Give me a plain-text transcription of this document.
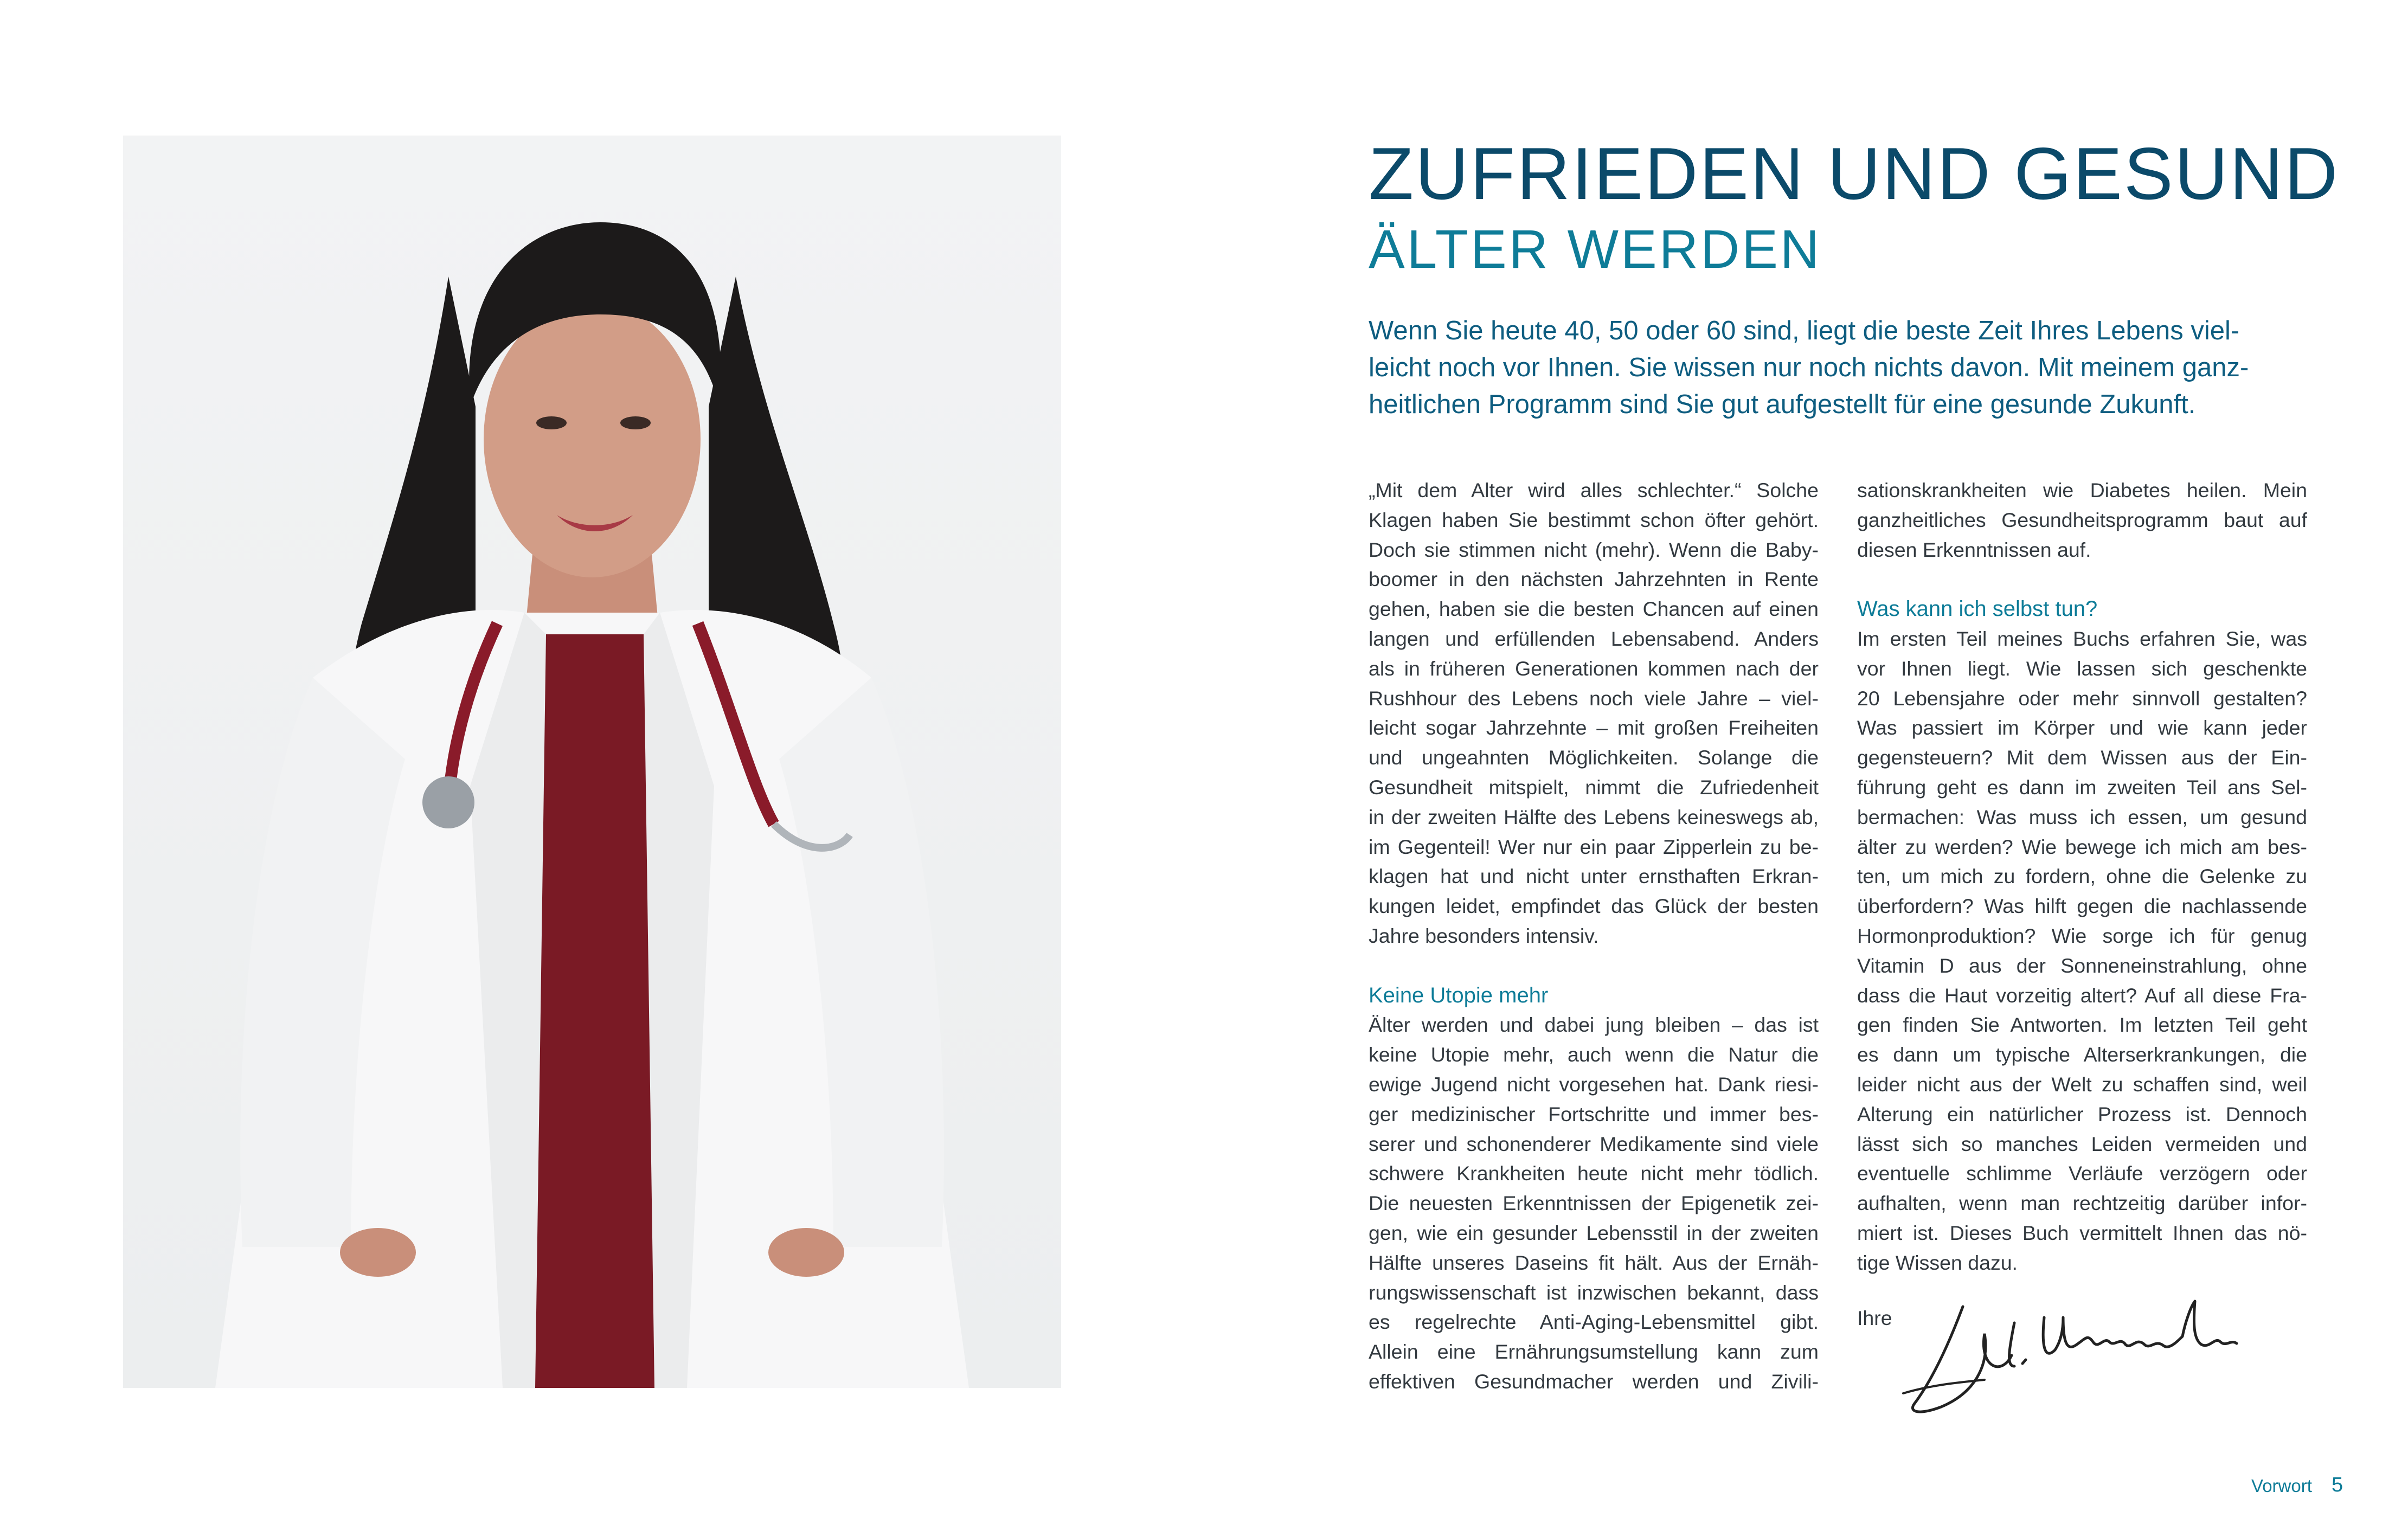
ZUFRIEDEN UND GESUND
ÄLTER WERDEN
Wenn Sie heute 40, 50 oder 60 sind, liegt die beste Zeit Ihres Lebens viel-
leicht noch vor Ihnen. Sie wissen nur noch nichts davon. Mit meinem ganz-
heitlichen Programm sind Sie gut aufgestellt für eine gesunde Zukunft.
„Mit dem Alter wird alles schlechter.“ Solche
Klagen haben Sie bestimmt schon öfter gehört.
Doch sie stimmen nicht (mehr). Wenn die Baby-
boomer in den nächsten Jahrzehnten in Rente
gehen, haben sie die besten Chancen auf einen
langen und erfüllenden Lebensabend. Anders
als in früheren Generationen kommen nach der
Rushhour des Lebens noch viele Jahre – viel-
leicht sogar Jahrzehnte – mit großen Freiheiten
und ungeahnten Möglichkeiten. Solange die
Gesundheit mitspielt, nimmt die Zufriedenheit
in der zweiten Hälfte des Lebens keineswegs ab,
im Gegenteil! Wer nur ein paar Zipperlein zu be-
klagen hat und nicht unter ernsthaften Erkran-
kungen leidet, empfindet das Glück der besten
Jahre besonders intensiv.
Keine Utopie mehr
Älter werden und dabei jung bleiben – das ist
keine Utopie mehr, auch wenn die Natur die
ewige Jugend nicht vorgesehen hat. Dank riesi-
ger medizinischer Fortschritte und immer bes-
serer und schonenderer Medikamente sind viele
schwere Krankheiten heute nicht mehr tödlich.
Die neuesten Erkenntnissen der Epigenetik zei-
gen, wie ein gesunder Lebensstil in der zweiten
Hälfte unseres Daseins fit hält. Aus der Ernäh-
rungswissenschaft ist inzwischen bekannt, dass
es regelrechte Anti-Aging-Lebensmittel gibt.
Allein eine Ernährungsumstellung kann zum
effektiven Gesundmacher werden und Zivili-
sationskrankheiten wie Diabetes heilen. Mein
ganzheitliches Gesundheitsprogramm baut auf
diesen Erkenntnissen auf.
Was kann ich selbst tun?
Im ersten Teil meines Buchs erfahren Sie, was
vor Ihnen liegt. Wie lassen sich geschenkte
20 Lebensjahre oder mehr sinnvoll gestalten?
Was passiert im Körper und wie kann jeder
gegensteuern? Mit dem Wissen aus der Ein-
führung geht es dann im zweiten Teil ans Sel-
bermachen: Was muss ich essen, um gesund
älter zu werden? Wie bewege ich mich am bes-
ten, um mich zu fordern, ohne die Gelenke zu
überfordern? Was hilft gegen die nachlassende
Hormonproduktion? Wie sorge ich für genug
Vitamin D aus der Sonneneinstrahlung, ohne
dass die Haut vorzeitig altert? Auf all diese Fra-
gen finden Sie Antworten. Im letzten Teil geht
es dann um typische Alterserkrankungen, die
leider nicht aus der Welt zu schaffen sind, weil
Alterung ein natürlicher Prozess ist. Dennoch
lässt sich so manches Leiden vermeiden und
eventuelle schlimme Verläufe verzögern oder
aufhalten, wenn man rechtzeitig darüber infor-
miert ist. Dieses Buch vermittelt Ihnen das nö-
tige Wissen dazu.
Ihre
Vorwort 5
